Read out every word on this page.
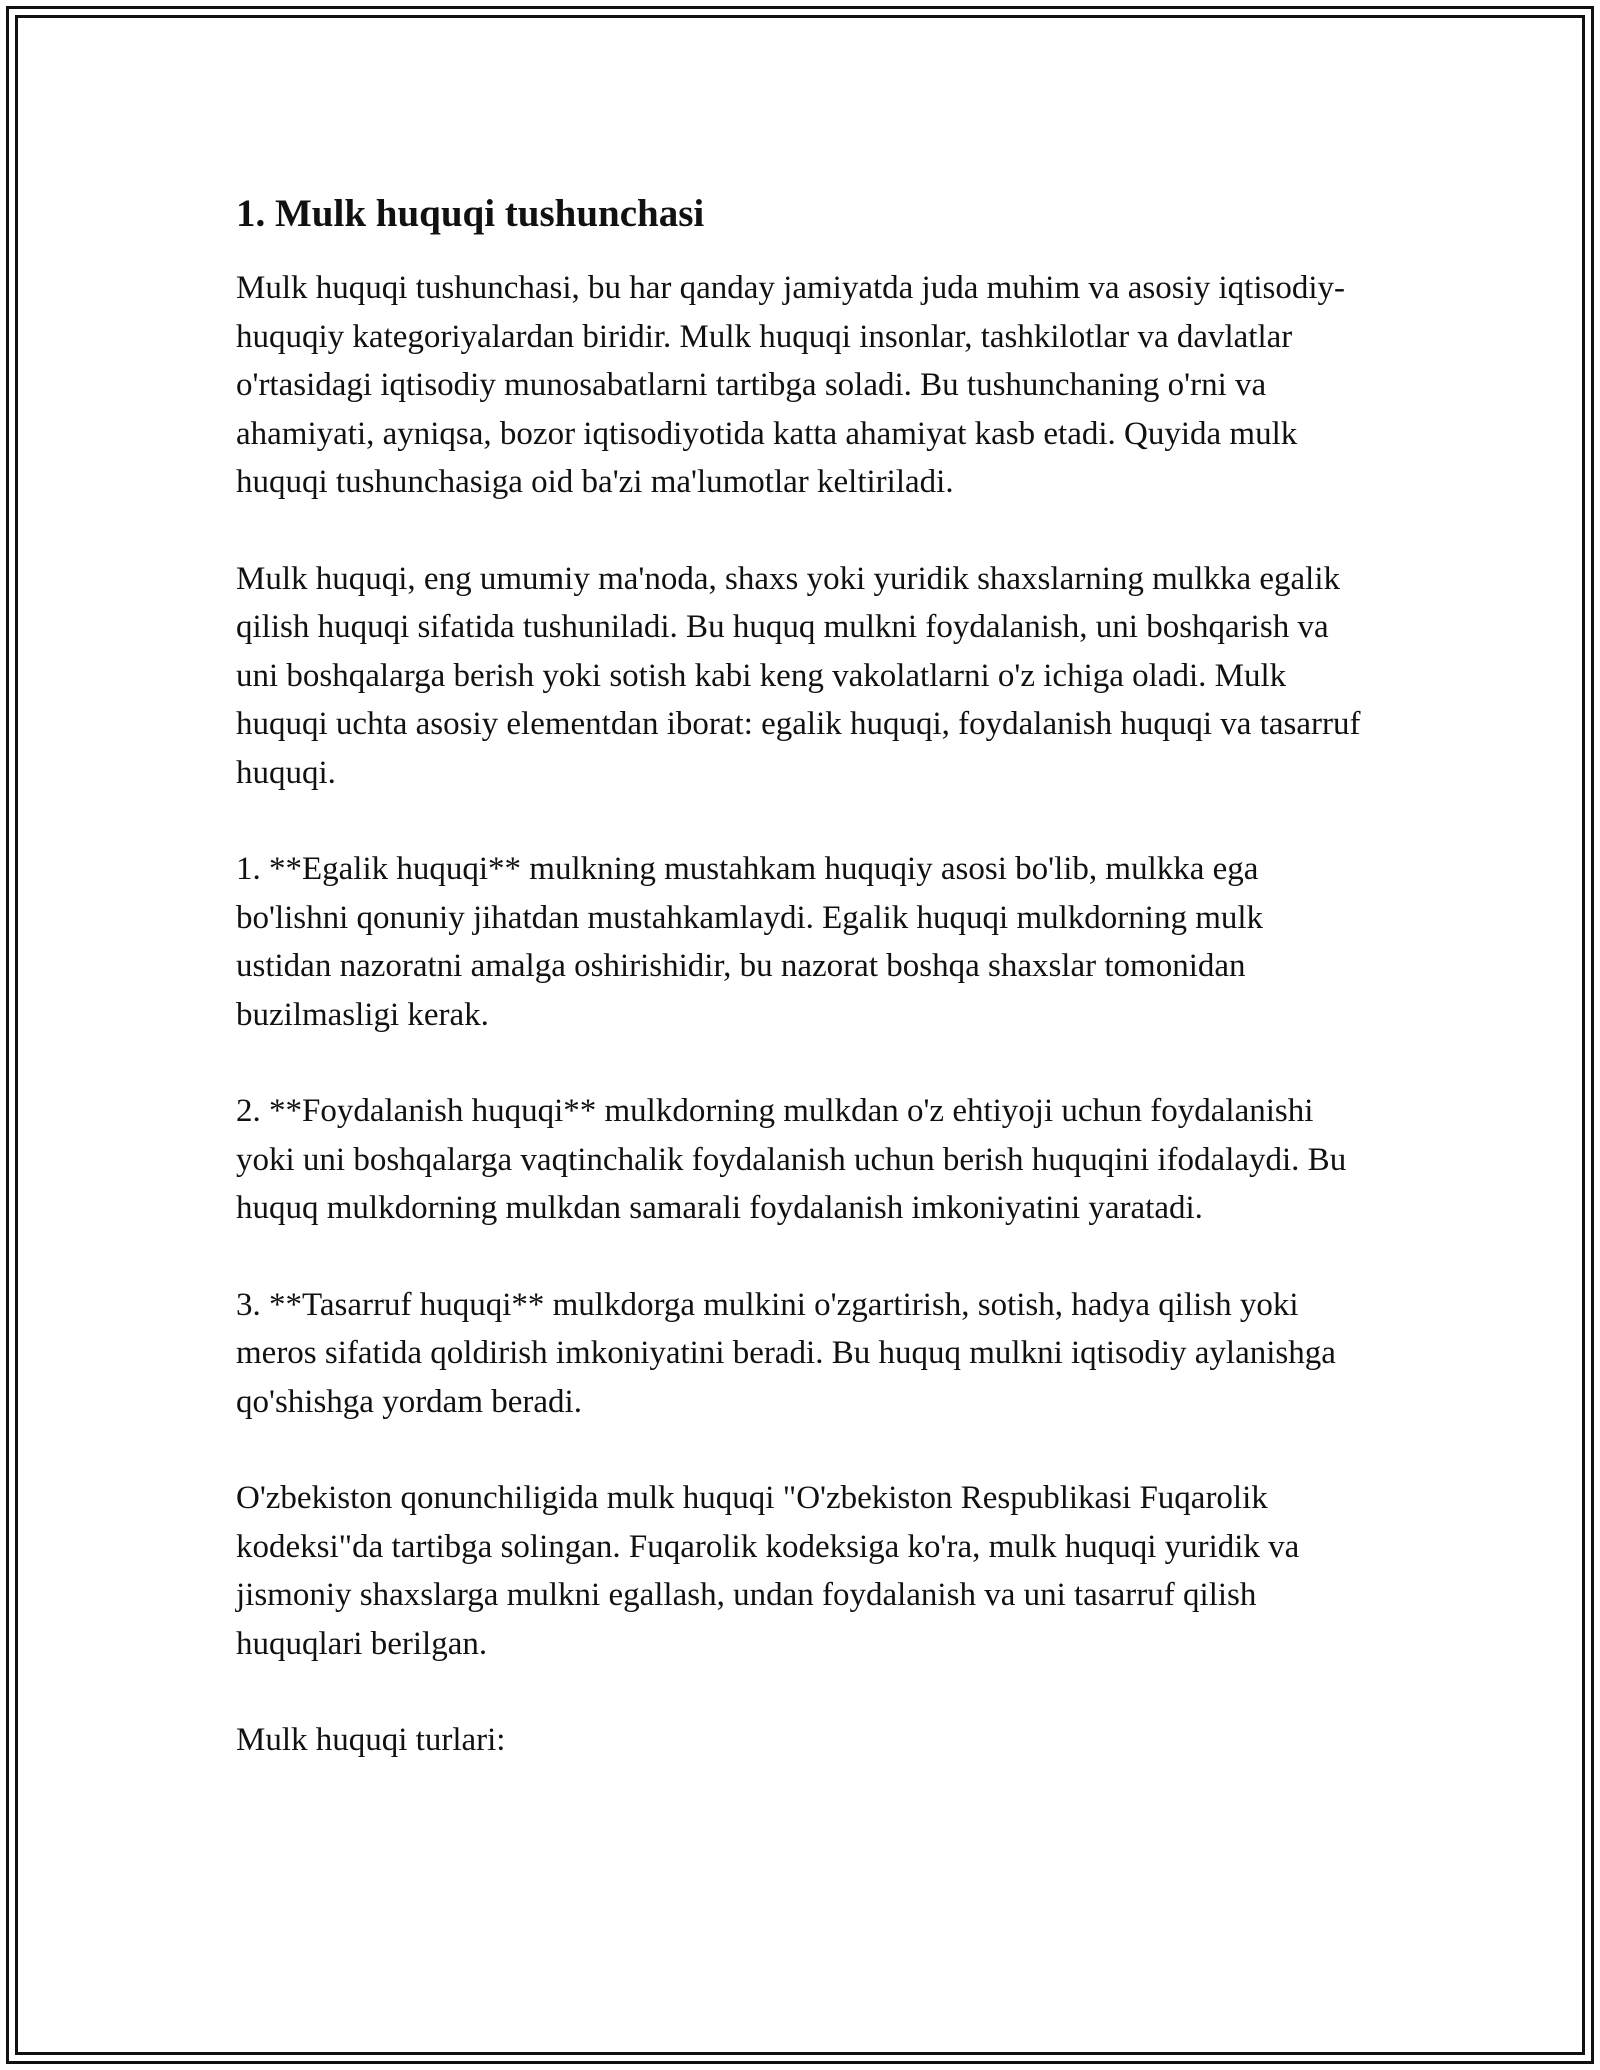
1. Mulk huquqi tushunchasi

Mulk huquqi tushunchasi, bu har qanday jamiyatda juda muhim va asosiy iqtisodiy-huquqiy kategoriyalardan biridir. Mulk huquqi insonlar, tashkilotlar va davlatlar o'rtasidagi iqtisodiy munosabatlarni tartibga soladi. Bu tushunchaning o'rni va ahamiyati, ayniqsa, bozor iqtisodiyotida katta ahamiyat kasb etadi. Quyida mulk huquqi tushunchasiga oid ba'zi ma'lumotlar keltiriladi.

Mulk huquqi, eng umumiy ma'noda, shaxs yoki yuridik shaxslarning mulkka egalik qilish huquqi sifatida tushuniladi. Bu huquq mulkni foydalanish, uni boshqarish va uni boshqalarga berish yoki sotish kabi keng vakolatlarni o'z ichiga oladi. Mulk huquqi uchta asosiy elementdan iborat: egalik huquqi, foydalanish huquqi va tasarruf huquqi.

1. **Egalik huquqi** mulkning mustahkam huquqiy asosi bo'lib, mulkka ega bo'lishni qonuniy jihatdan mustahkamlaydi. Egalik huquqi mulkdorning mulk ustidan nazoratni amalga oshirishidir, bu nazorat boshqa shaxslar tomonidan buzilmasligi kerak.

2. **Foydalanish huquqi** mulkdorning mulkdan o'z ehtiyoji uchun foydalanishi yoki uni boshqalarga vaqtinchalik foydalanish uchun berish huquqini ifodalaydi. Bu huquq mulkdorning mulkdan samarali foydalanish imkoniyatini yaratadi.

3. **Tasarruf huquqi** mulkdorga mulkini o'zgartirish, sotish, hadya qilish yoki meros sifatida qoldirish imkoniyatini beradi. Bu huquq mulkni iqtisodiy aylanishga qo'shishga yordam beradi.

O'zbekiston qonunchiligida mulk huquqi "O'zbekiston Respublikasi Fuqarolik kodeksi"da tartibga solingan. Fuqarolik kodeksiga ko'ra, mulk huquqi yuridik va jismoniy shaxslarga mulkni egallash, undan foydalanish va uni tasarruf qilish huquqlari berilgan.

Mulk huquqi turlari:
